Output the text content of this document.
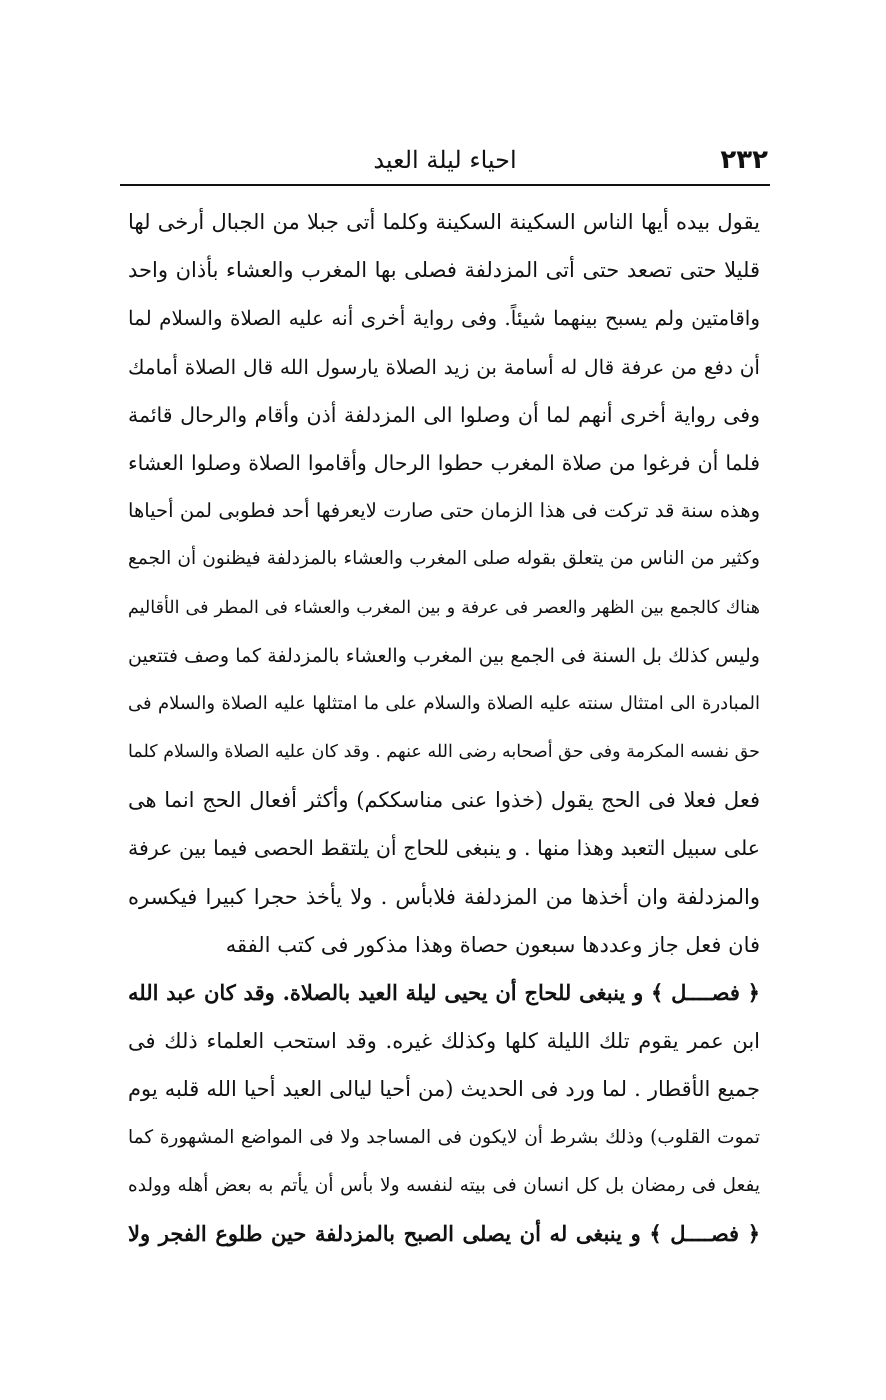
٢٣٢
احياء ليلة العيد
يقول بيده أيها الناس السكينة السكينة وكلما أتى جبلا من الجبال أرخى لها
قليلا حتى تصعد حتى أتى المزدلفة فصلى بها المغرب والعشاء بأذان واحد
واقامتين ولم يسبح بينهما شيئاً. وفى رواية أخرى أنه عليه الصلاة والسلام لما
أن دفع من عرفة قال له أسامة بن زيد الصلاة يارسول الله قال الصلاة أمامك
وفى رواية أخرى أنهم لما أن وصلوا الى المزدلفة أذن وأقام والرحال قائمة
فلما أن فرغوا من صلاة المغرب حطوا الرحال وأقاموا الصلاة وصلوا العشاء
وهذه سنة قد تركت فى هذا الزمان حتى صارت لايعرفها أحد فطوبى لمن أحياها
وكثير من الناس من يتعلق بقوله صلى المغرب والعشاء بالمزدلفة فيظنون أن الجمع
هناك كالجمع بين الظهر والعصر فى عرفة و بين المغرب والعشاء فى المطر فى الأقاليم
وليس كذلك بل السنة فى الجمع بين المغرب والعشاء بالمزدلفة كما وصف فتتعين
المبادرة الى امتثال سنته عليه الصلاة والسلام على ما امتثلها عليه الصلاة والسلام فى
حق نفسه المكرمة وفى حق أصحابه رضى الله عنهم . وقد كان عليه الصلاة والسلام كلما
فعل فعلا فى الحج يقول (خذوا عنى مناسككم) وأكثر أفعال الحج انما هى
على سبيل التعبد وهذا منها . و ينبغى للحاج أن يلتقط الحصى فيما بين عرفة
والمزدلفة وان أخذها من المزدلفة فلابأس . ولا يأخذ حجرا كبيرا فيكسره
فان فعل جاز وعددها سبعون حصاة وهذا مذكور فى كتب الفقه
﴿ فصــــل ﴾ و ينبغى للحاج أن يحيى ليلة العيد بالصلاة. وقد كان عبد الله
ابن عمر يقوم تلك الليلة كلها وكذلك غيره. وقد استحب العلماء ذلك فى
جميع الأقطار . لما ورد فى الحديث (من أحيا ليالى العيد أحيا الله قلبه يوم
تموت القلوب) وذلك بشرط أن لايكون فى المساجد ولا فى المواضع المشهورة كما
يفعل فى رمضان بل كل انسان فى بيته لنفسه ولا بأس أن يأتم به بعض أهله وولده
﴿ فصــــل ﴾ و ينبغى له أن يصلى الصبح بالمزدلفة حين طلوع الفجر ولا
